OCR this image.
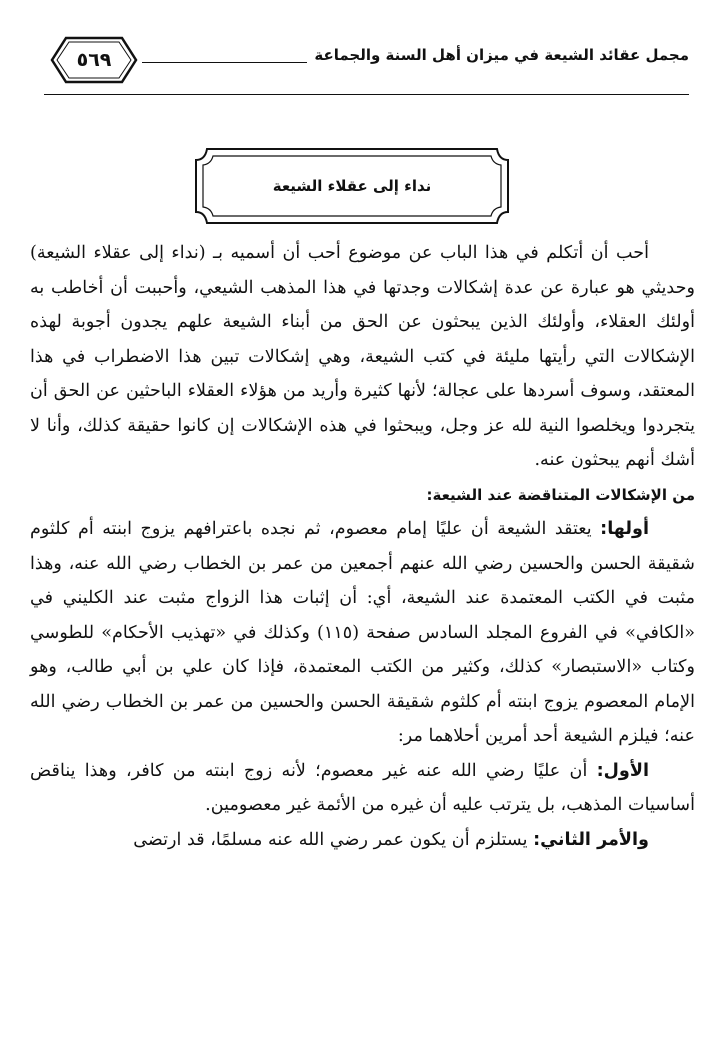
٥٦٩	مجمل عقائد الشيعة في ميزان أهل السنة والجماعة
نداء إلى عقلاء الشيعة

أحب أن أتكلم في هذا الباب عن موضوع أحب أن أسميه بـ (نداء إلى عقلاء الشيعة) وحديثي هو عبارة عن عدة إشكالات وجدتها في هذا المذهب الشيعي، وأحببت أن أخاطب به أولئك العقلاء، وأولئك الذين يبحثون عن الحق من أبناء الشيعة علهم يجدون أجوبة لهذه الإشكالات التي رأيتها مليئة في كتب الشيعة، وهي إشكالات تبين هذا الاضطراب في هذا المعتقد، وسوف أسردها على عجالة؛ لأنها كثيرة وأريد من هؤلاء العقلاء الباحثين عن الحق أن يتجردوا ويخلصوا النية لله عز وجل، ويبحثوا في هذه الإشكالات إن كانوا حقيقة كذلك، وأنا لا أشك أنهم يبحثون عنه.

من الإشكالات المتناقضة عند الشيعة:

أولها: يعتقد الشيعة أن عليًا إمام معصوم، ثم نجده باعترافهم يزوج ابنته أم كلثوم شقيقة الحسن والحسين رضي الله عنهم أجمعين من عمر بن الخطاب رضي الله عنه، وهذا مثبت في الكتب المعتمدة عند الشيعة، أي: أن إثبات هذا الزواج مثبت عند الكليني في «الكافي» في الفروع المجلد السادس صفحة (١١٥) وكذلك في «تهذيب الأحكام» للطوسي وكتاب «الاستبصار» كذلك، وكثير من الكتب المعتمدة، فإذا كان علي بن أبي طالب، وهو الإمام المعصوم يزوج ابنته أم كلثوم شقيقة الحسن والحسين من عمر بن الخطاب رضي الله عنه؛ فيلزم الشيعة أحد أمرين أحلاهما مر:

الأول: أن عليًا رضي الله عنه غير معصوم؛ لأنه زوج ابنته من كافر، وهذا يناقض أساسيات المذهب، بل يترتب عليه أن غيره من الأئمة غير معصومين.

والأمر الثاني: يستلزم أن يكون عمر رضي الله عنه مسلمًا، قد ارتضى
